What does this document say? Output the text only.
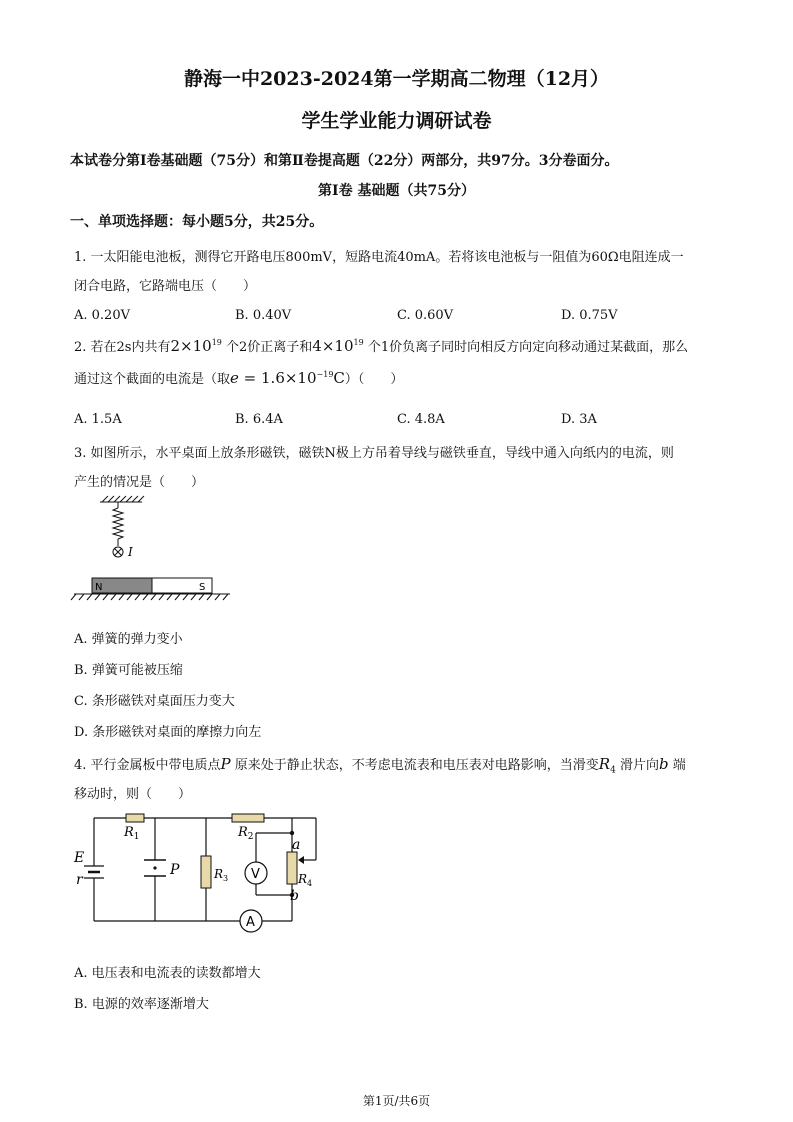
静海一中2023-2024第一学期高二物理（12月）
学生学业能力调研试卷
本试卷分第Ⅰ卷基础题（75分）和第Ⅱ卷提高题（22分）两部分，共97分。3分卷面分。
第Ⅰ卷 基础题（共75分）
一、单项选择题：每小题5分，共25分。
1. 一太阳能电池板，测得它开路电压800mV，短路电流40mA。若将该电池板与一阻值为60Ω电阻连成一
闭合电路，它路端电压（　　）
A. 0.20V	B. 0.40V	C. 0.60V	D. 0.75V
2. 若在2s内共有$2\times 10^{19}$ 个2价正离子和$4\times 10^{19}$ 个1价负离子同时向相反方向定向移动通过某截面，那么
通过这个截面的电流是（取$e = 1.6\times 10^{-19}C$）（　　）
A. 1.5A	B. 6.4A	C. 4.8A	D. 3A
3. 如图所示，水平桌面上放条形磁铁，磁铁N极上方吊着导线与磁铁垂直，导线中通入向纸内的电流，则
产生的情况是（　　）
I
N	S
A. 弹簧的弹力变小
B. 弹簧可能被压缩
C. 条形磁铁对桌面压力变大
D. 条形磁铁对桌面的摩擦力向左
4. 平行金属板中带电质点P 原来处于静止状态，不考虑电流表和电压表对电路影响，当滑变$R_4$ 滑片向b 端
移动时，则（　　）
E
r
$R_1$
P	$R_3$
$R_2$
V
a
$R_4$
b
A
A. 电压表和电流表的读数都增大
B. 电源的效率逐渐增大
第1页/共6页
